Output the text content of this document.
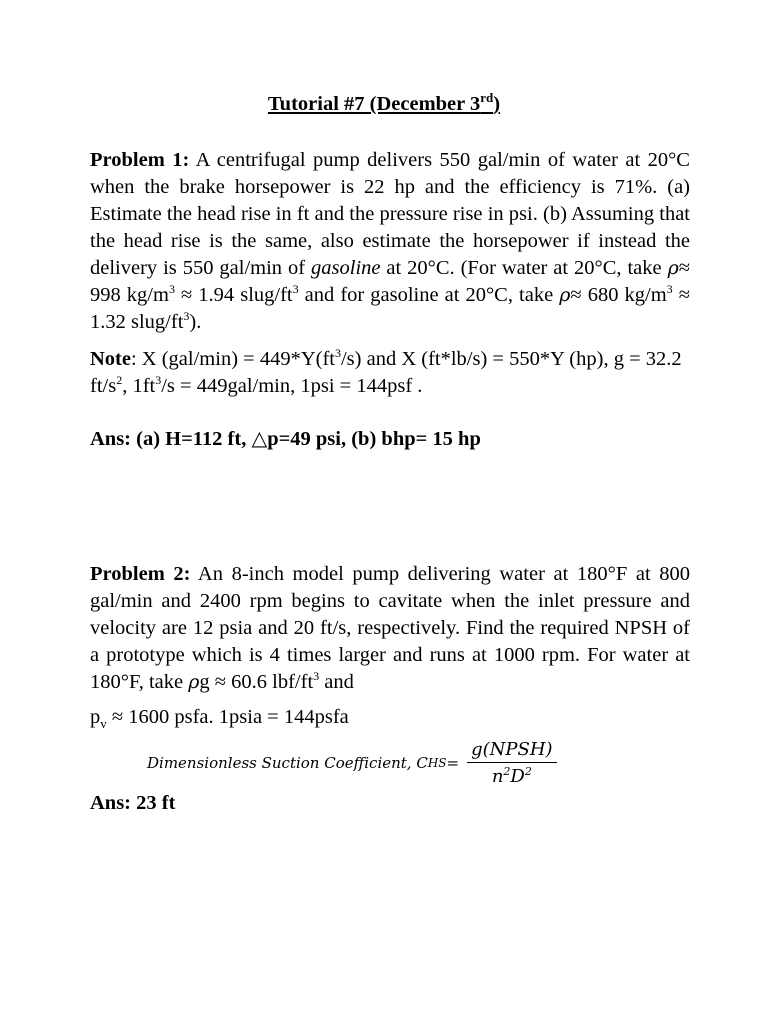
Tutorial #7 (December 3rd)
Problem 1: A centrifugal pump delivers 550 gal/min of water at 20°C when the brake horsepower is 22 hp and the efficiency is 71%. (a) Estimate the head rise in ft and the pressure rise in psi. (b) Assuming that the head rise is the same, also estimate the horsepower if instead the delivery is 550 gal/min of gasoline at 20°C. (For water at 20°C, take ρ≈ 998 $kg/m^3 \approx 1.94$ slug/$ft^3$ and for gasoline at 20°C, take ρ≈ 680 $kg/m^3 \approx 1.32$ slug/$ft^3$).
Note: X $(gal/\min) = 449*Y(ft^3/s)$ and X (ft*lb/s) = 550*Y (hp), g = 32.2 $ft/s^2$, $1ft^3/s = 449gal/\min$, 1psi = 144psf .
Ans: (a) H=112 ft, △p=49 psi, (b) bhp= 15 hp
Problem 2: An 8-inch model pump delivering water at 180°F at 800 gal/min and 2400 rpm begins to cavitate when the inlet pressure and velocity are 12 psia and 20 ft/s, respectively. Find the required NPSH of a prototype which is 4 times larger and runs at 1000 rpm. For water at 180°F, take ρg ≈ 60.6 lbf/$ft^3$ and
$p_v \approx 1600$ psfa. 1psia = 144psfa
Dimensionless Suction Coefficient, C HS = $\frac{\text{g(NPSH)}}{n^2D^2}$
Ans: 23 ft
